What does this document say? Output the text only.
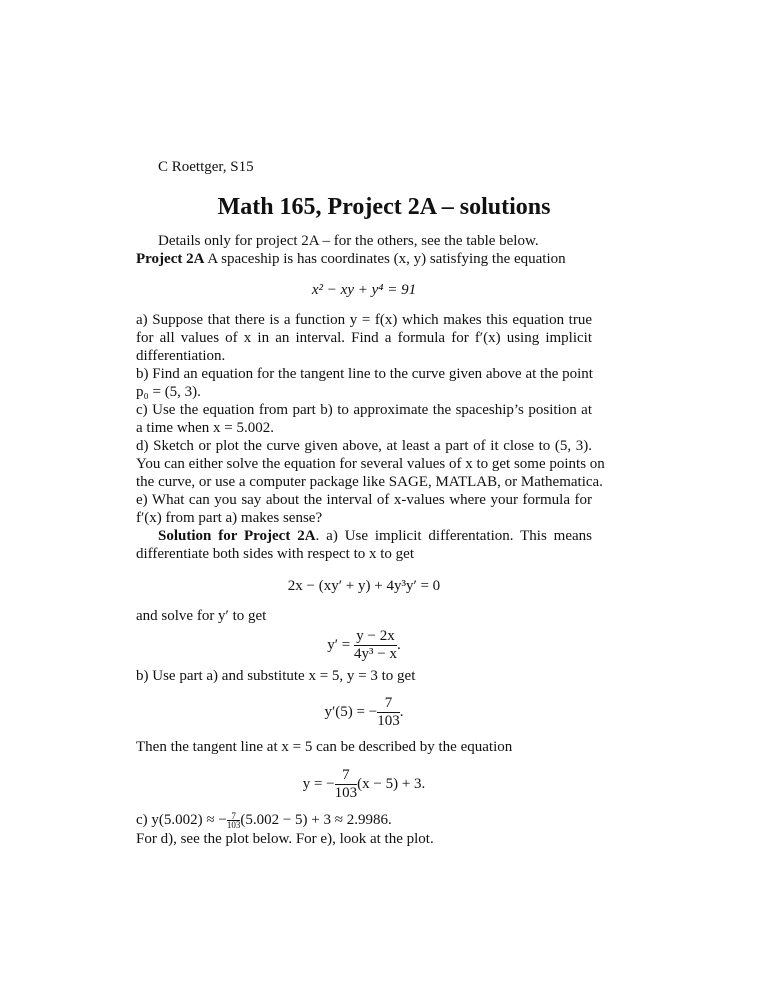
C Roettger, S15
Math 165, Project 2A – solutions
Details only for project 2A – for the others, see the table below.
Project 2A A spaceship is has coordinates (x, y) satisfying the equation
x² − xy + y⁴ = 91
a) Suppose that there is a function y = f(x) which makes this equation true
for all values of x in an interval. Find a formula for f′(x) using implicit
differentiation.
b) Find an equation for the tangent line to the curve given above at the point
p₀ = (5, 3).
c) Use the equation from part b) to approximate the spaceship’s position at
a time when x = 5.002.
d) Sketch or plot the curve given above, at least a part of it close to (5, 3).
You can either solve the equation for several values of x to get some points on
the curve, or use a computer package like SAGE, MATLAB, or Mathematica.
e) What can you say about the interval of x-values where your formula for
f′(x) from part a) makes sense?
Solution for Project 2A. a) Use implicit differentation. This means
differentiate both sides with respect to x to get
2x − (xy′ + y) + 4y³y′ = 0
and solve for y′ to get
$y' = \frac{y - 2x}{\text{4y³ − x}}$ .
b) Use part a) and substitute x = 5, y = 3 to get
y′(5) = − $\frac{7}{103}$ .
Then the tangent line at x = 5 can be described by the equation
y = − $\frac{7}{103} (x - 5) + 3$.
c) y(5.002) ≈ − $\frac{7}{103} (5.002 - 5) + 3 \approx 2.9986$.
For d), see the plot below. For e), look at the plot.
